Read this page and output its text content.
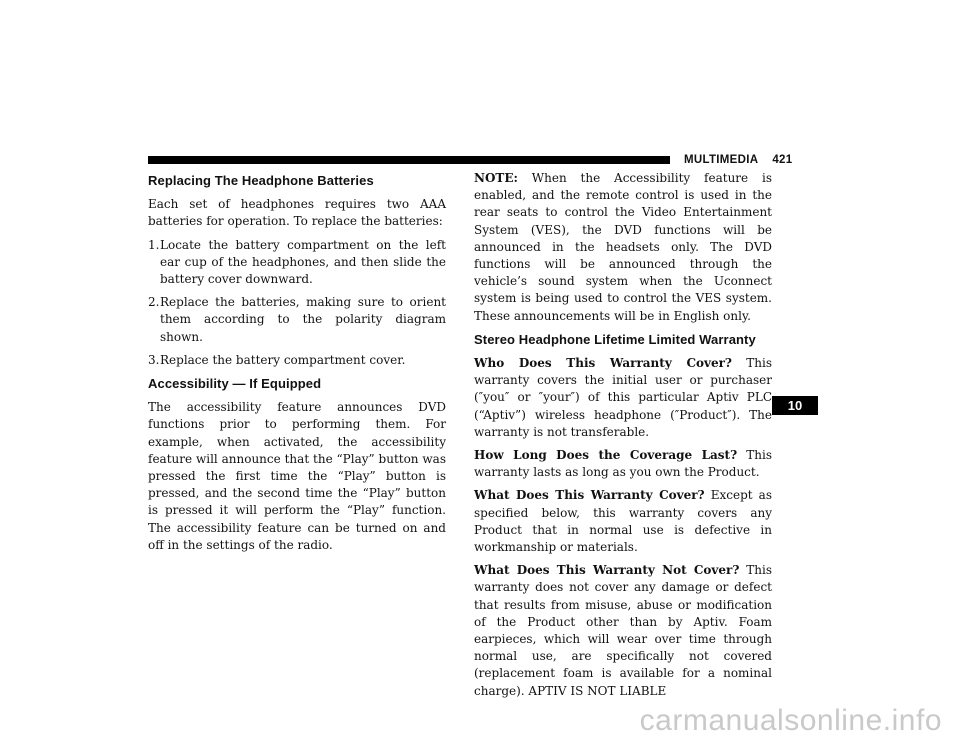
MULTIMEDIA 421
Replacing The Headphone Batteries

Each set of headphones requires two AAA batteries for operation. To replace the batteries:

1. Locate the battery compartment on the left ear cup of the headphones, and then slide the battery cover downward.
2. Replace the batteries, making sure to orient them according to the polarity diagram shown.
3. Replace the battery compartment cover.
Accessibility — If Equipped

The accessibility feature announces DVD functions prior to performing them. For example, when activated, the accessibility feature will announce that the “Play” button was pressed the first time the “Play” button is pressed, and the second time the “Play” button is pressed it will perform the “Play” function. The accessibility feature can be turned on and off in the settings of the radio.

NOTE: When the Accessibility feature is enabled, and the remote control is used in the rear seats to control the Video Entertainment System (VES), the DVD functions will be announced in the headsets only. The DVD functions will be announced through the vehicle’s sound system when the Uconnect system is being used to control the VES system. These announcements will be in English only.

Stereo Headphone Lifetime Limited Warranty

Who Does This Warranty Cover? This warranty covers the initial user or purchaser (″you″ or ″your″) of this particular Aptiv PLC (“Aptiv”) wireless headphone (″Product″). The warranty is not transferable.

How Long Does the Coverage Last? This warranty lasts as long as you own the Product.

What Does This Warranty Cover? Except as specified below, this warranty covers any Product that in normal use is defective in workmanship or materials.

What Does This Warranty Not Cover? This warranty does not cover any damage or defect that results from misuse, abuse or modification of the Product other than by Aptiv. Foam earpieces, which will wear over time through normal use, are specifically not covered (replacement foam is available for a nominal charge). APTIV IS NOT LIABLE

10
carmanualsonline.info
